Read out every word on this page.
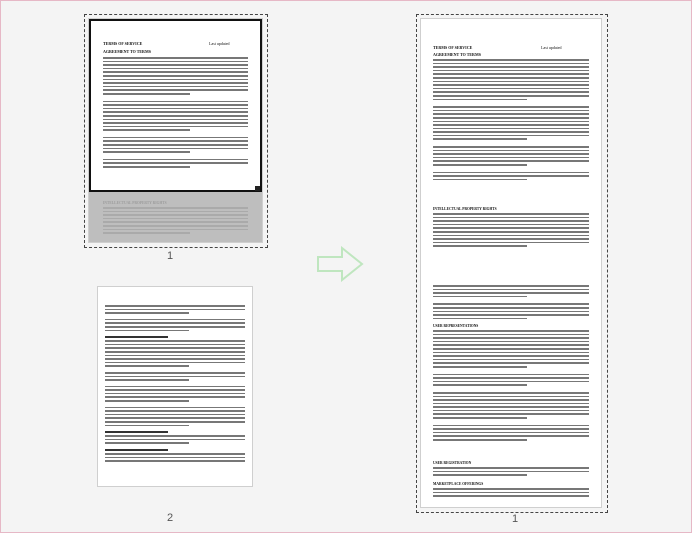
TERMS OF SERVICE	Last updated
AGREEMENT TO TERMS
1
2
TERMS OF SERVICE	Last updated
AGREEMENT TO TERMS
INTELLECTUAL PROPERTY RIGHTS
USER REPRESENTATIONS
USER REGISTRATION
MARKETPLACE OFFERINGS
1
